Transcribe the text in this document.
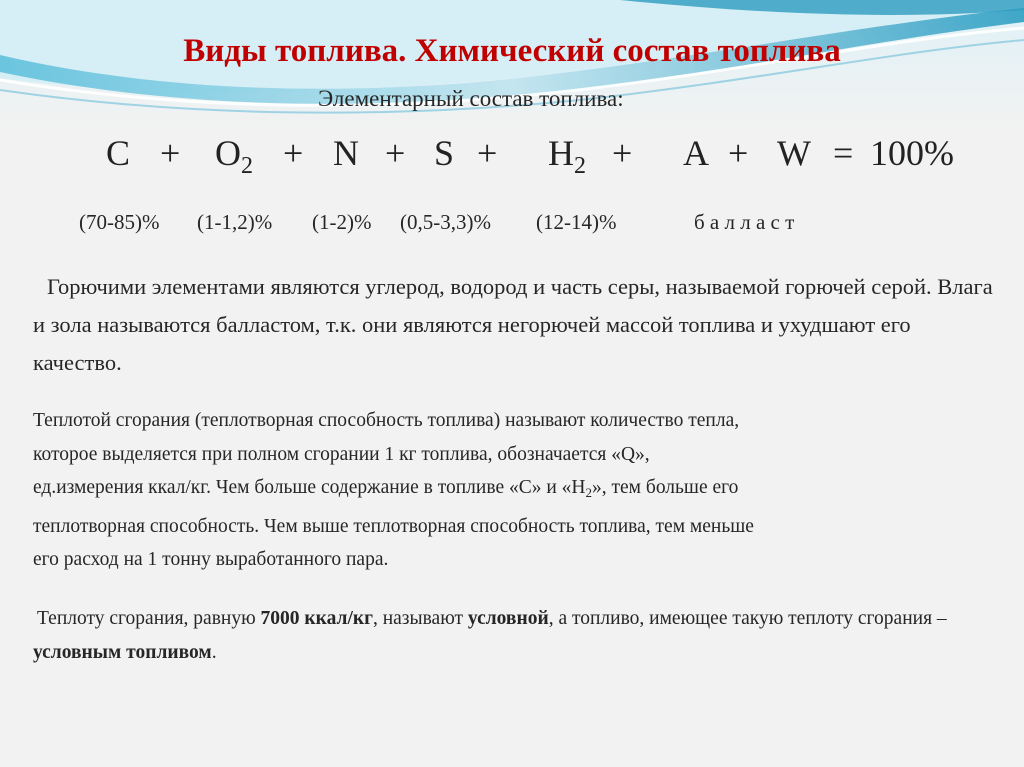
Виды топлива. Химический состав топлива
Элементарный состав топлива:
$C + O_2 + N + S + H_2 + A + W = 100\%$
(70-85)% (1-1,2)% (1-2)% (0,5-3,3)% (12-14)%	б а л л а с т

Горючими элементами являются углерод, водород и часть серы, называемой горючей серой. Влага и зола называются балластом, т.к. они являются негорючей массой топлива и ухудшают его качество.

Теплотой сгорания (теплотворная способность топлива) называют количество тепла,
которое выделяется при полном сгорании 1 кг топлива, обозначается «Q»,
ед.измерения ккал/кг. Чем больше содержание в топливе «С» и «$Н_2$», тем больше его
теплотворная способность. Чем выше теплотворная способность топлива, тем меньше
его расход на 1 тонну выработанного пара.

Теплоту сгорания, равную 7000 ккал/кг, называют условной, а топливо, имеющее такую теплоту сгорания – условным топливом.
